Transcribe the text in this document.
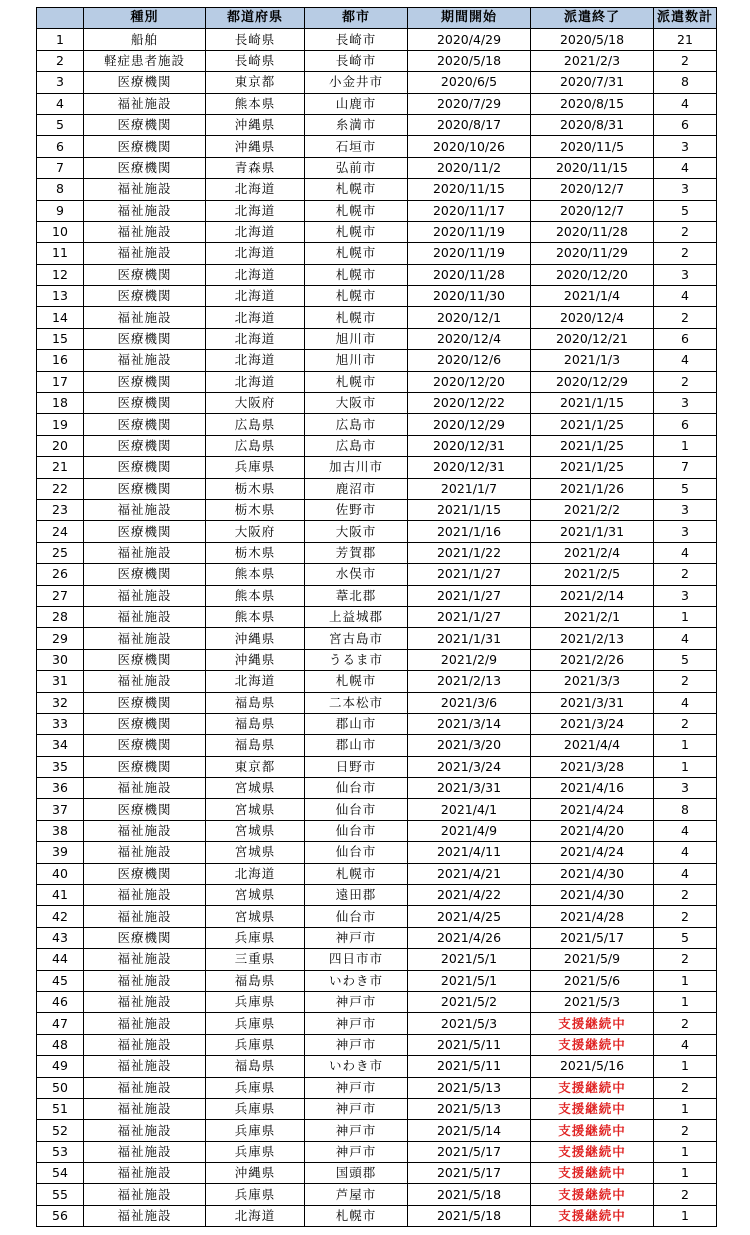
	種別	都道府県	都市	期間開始	派遣終了	派遣数計
1	船舶	長崎県	長崎市	2020/4/29	2020/5/18	21
2	軽症患者施設	長崎県	長崎市	2020/5/18	2021/2/3	2
3	医療機関	東京都	小金井市	2020/6/5	2020/7/31	8
4	福祉施設	熊本県	山鹿市	2020/7/29	2020/8/15	4
5	医療機関	沖縄県	糸満市	2020/8/17	2020/8/31	6
6	医療機関	沖縄県	石垣市	2020/10/26	2020/11/5	3
7	医療機関	青森県	弘前市	2020/11/2	2020/11/15	4
8	福祉施設	北海道	札幌市	2020/11/15	2020/12/7	3
9	福祉施設	北海道	札幌市	2020/11/17	2020/12/7	5
10	福祉施設	北海道	札幌市	2020/11/19	2020/11/28	2
11	福祉施設	北海道	札幌市	2020/11/19	2020/11/29	2
12	医療機関	北海道	札幌市	2020/11/28	2020/12/20	3
13	医療機関	北海道	札幌市	2020/11/30	2021/1/4	4
14	福祉施設	北海道	札幌市	2020/12/1	2020/12/4	2
15	医療機関	北海道	旭川市	2020/12/4	2020/12/21	6
16	福祉施設	北海道	旭川市	2020/12/6	2021/1/3	4
17	医療機関	北海道	札幌市	2020/12/20	2020/12/29	2
18	医療機関	大阪府	大阪市	2020/12/22	2021/1/15	3
19	医療機関	広島県	広島市	2020/12/29	2021/1/25	6
20	医療機関	広島県	広島市	2020/12/31	2021/1/25	1
21	医療機関	兵庫県	加古川市	2020/12/31	2021/1/25	7
22	医療機関	栃木県	鹿沼市	2021/1/7	2021/1/26	5
23	福祉施設	栃木県	佐野市	2021/1/15	2021/2/2	3
24	医療機関	大阪府	大阪市	2021/1/16	2021/1/31	3
25	福祉施設	栃木県	芳賀郡	2021/1/22	2021/2/4	4
26	医療機関	熊本県	水俣市	2021/1/27	2021/2/5	2
27	福祉施設	熊本県	葦北郡	2021/1/27	2021/2/14	3
28	福祉施設	熊本県	上益城郡	2021/1/27	2021/2/1	1
29	福祉施設	沖縄県	宮古島市	2021/1/31	2021/2/13	4
30	医療機関	沖縄県	うるま市	2021/2/9	2021/2/26	5
31	福祉施設	北海道	札幌市	2021/2/13	2021/3/3	2
32	医療機関	福島県	二本松市	2021/3/6	2021/3/31	4
33	医療機関	福島県	郡山市	2021/3/14	2021/3/24	2
34	医療機関	福島県	郡山市	2021/3/20	2021/4/4	1
35	医療機関	東京都	日野市	2021/3/24	2021/3/28	1
36	福祉施設	宮城県	仙台市	2021/3/31	2021/4/16	3
37	医療機関	宮城県	仙台市	2021/4/1	2021/4/24	8
38	福祉施設	宮城県	仙台市	2021/4/9	2021/4/20	4
39	福祉施設	宮城県	仙台市	2021/4/11	2021/4/24	4
40	医療機関	北海道	札幌市	2021/4/21	2021/4/30	4
41	福祉施設	宮城県	遠田郡	2021/4/22	2021/4/30	2
42	福祉施設	宮城県	仙台市	2021/4/25	2021/4/28	2
43	医療機関	兵庫県	神戸市	2021/4/26	2021/5/17	5
44	福祉施設	三重県	四日市市	2021/5/1	2021/5/9	2
45	福祉施設	福島県	いわき市	2021/5/1	2021/5/6	1
46	福祉施設	兵庫県	神戸市	2021/5/2	2021/5/3	1
47	福祉施設	兵庫県	神戸市	2021/5/3	支援継続中	2
48	福祉施設	兵庫県	神戸市	2021/5/11	支援継続中	4
49	福祉施設	福島県	いわき市	2021/5/11	2021/5/16	1
50	福祉施設	兵庫県	神戸市	2021/5/13	支援継続中	2
51	福祉施設	兵庫県	神戸市	2021/5/13	支援継続中	1
52	福祉施設	兵庫県	神戸市	2021/5/14	支援継続中	2
53	福祉施設	兵庫県	神戸市	2021/5/17	支援継続中	1
54	福祉施設	沖縄県	国頭郡	2021/5/17	支援継続中	1
55	福祉施設	兵庫県	芦屋市	2021/5/18	支援継続中	2
56	福祉施設	北海道	札幌市	2021/5/18	支援継続中	1
